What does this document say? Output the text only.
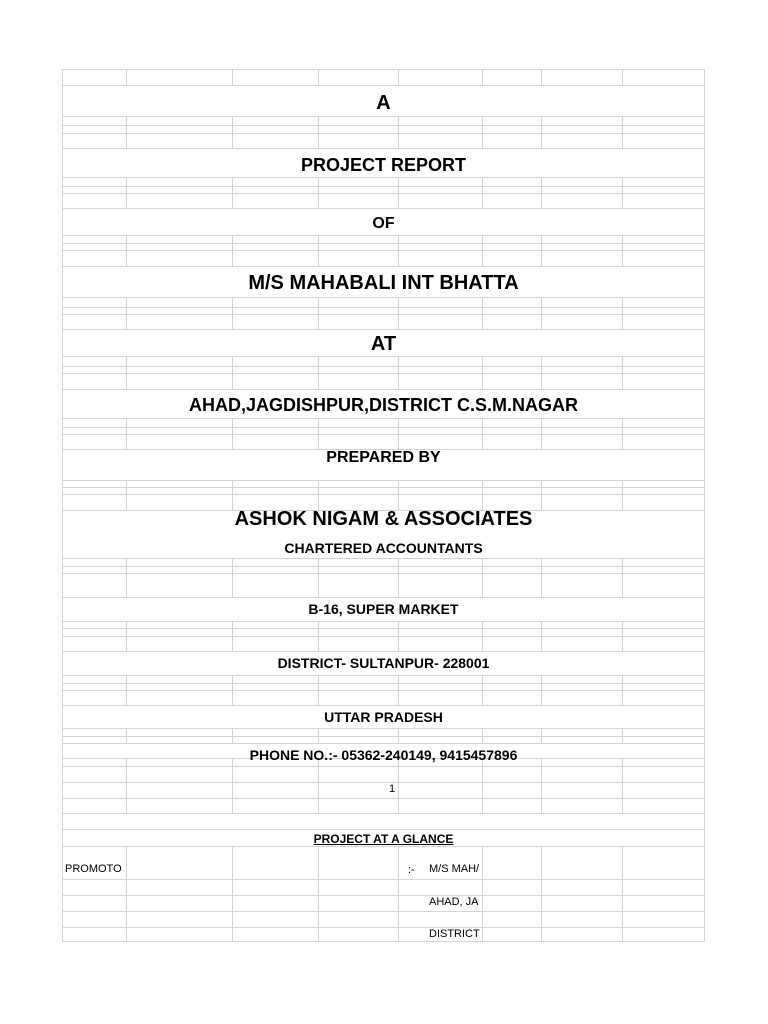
A
PROJECT REPORT
OF
M/S MAHABALI INT BHATTA
AT
AHAD,JAGDISHPUR,DISTRICT C.S.M.NAGAR
PREPARED BY
ASHOK NIGAM & ASSOCIATES
CHARTERED ACCOUNTANTS
B-16, SUPER MARKET
DISTRICT- SULTANPUR- 228001
UTTAR PRADESH
PHONE NO.:- 05362-240149, 9415457896
1
PROJECT AT A GLANCE
PROMOTO	:- M/S MAH/
AHAD, JA
DISTRICT
